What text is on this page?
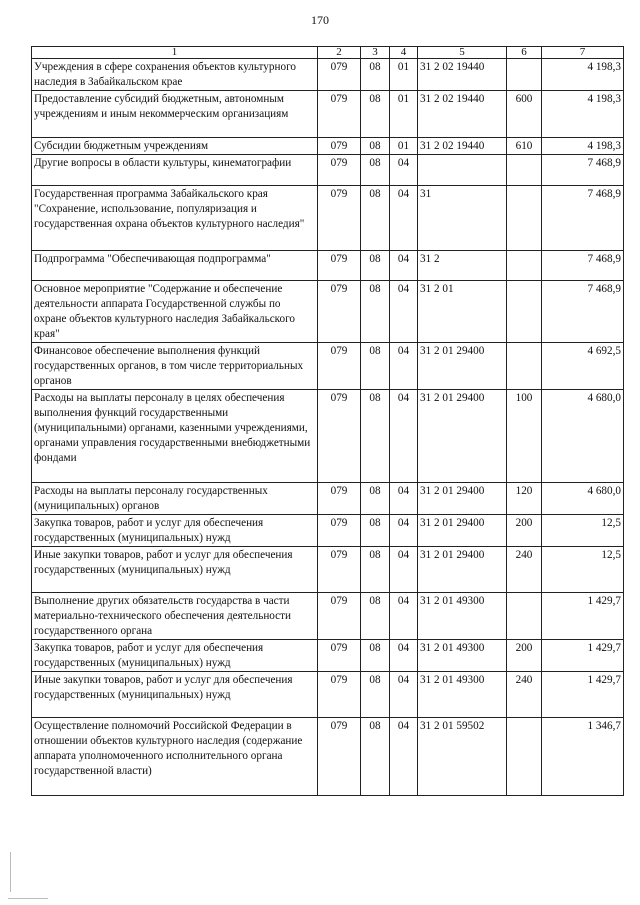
170
1	2	3	4	5	6	7
Учреждения в сфере сохранения объектов культурного наследия в Забайкальском крае	079	08	01	31 2 02 19440		4 198,3
Предоставление субсидий бюджетным, автономным учреждениям и иным некоммерческим организациям	079	08	01	31 2 02 19440	600	4 198,3
Субсидии бюджетным учреждениям	079	08	01	31 2 02 19440	610	4 198,3
Другие вопросы в области культуры, кинематографии	079	08	04			7 468,9
Государственная программа Забайкальского края "Сохранение, использование, популяризация и государственная охрана объектов культурного наследия"	079	08	04	31		7 468,9
Подпрограмма "Обеспечивающая подпрограмма"	079	08	04	31 2		7 468,9
Основное мероприятие "Содержание и обеспечение деятельности аппарата Государственной службы по охране объектов культурного наследия Забайкальского края"	079	08	04	31 2 01		7 468,9
Финансовое обеспечение выполнения функций государственных органов, в том числе территориальных органов	079	08	04	31 2 01 29400		4 692,5
Расходы на выплаты персоналу в целях обеспечения выполнения функций государственными (муниципальными) органами, казенными учреждениями, органами управления государственными внебюджетными фондами	079	08	04	31 2 01 29400	100	4 680,0
Расходы на выплаты персоналу государственных (муниципальных) органов	079	08	04	31 2 01 29400	120	4 680,0
Закупка товаров, работ и услуг для обеспечения государственных (муниципальных) нужд	079	08	04	31 2 01 29400	200	12,5
Иные закупки товаров, работ и услуг для обеспечения государственных (муниципальных) нужд	079	08	04	31 2 01 29400	240	12,5
Выполнение других обязательств государства в части материально-технического обеспечения деятельности государственного органа	079	08	04	31 2 01 49300		1 429,7
Закупка товаров, работ и услуг для обеспечения государственных (муниципальных) нужд	079	08	04	31 2 01 49300	200	1 429,7
Иные закупки товаров, работ и услуг для обеспечения государственных (муниципальных) нужд	079	08	04	31 2 01 49300	240	1 429,7
Осуществление полномочий Российской Федерации в отношении объектов культурного наследия (содержание аппарата уполномоченного исполнительного органа государственной власти)	079	08	04	31 2 01 59502		1 346,7
